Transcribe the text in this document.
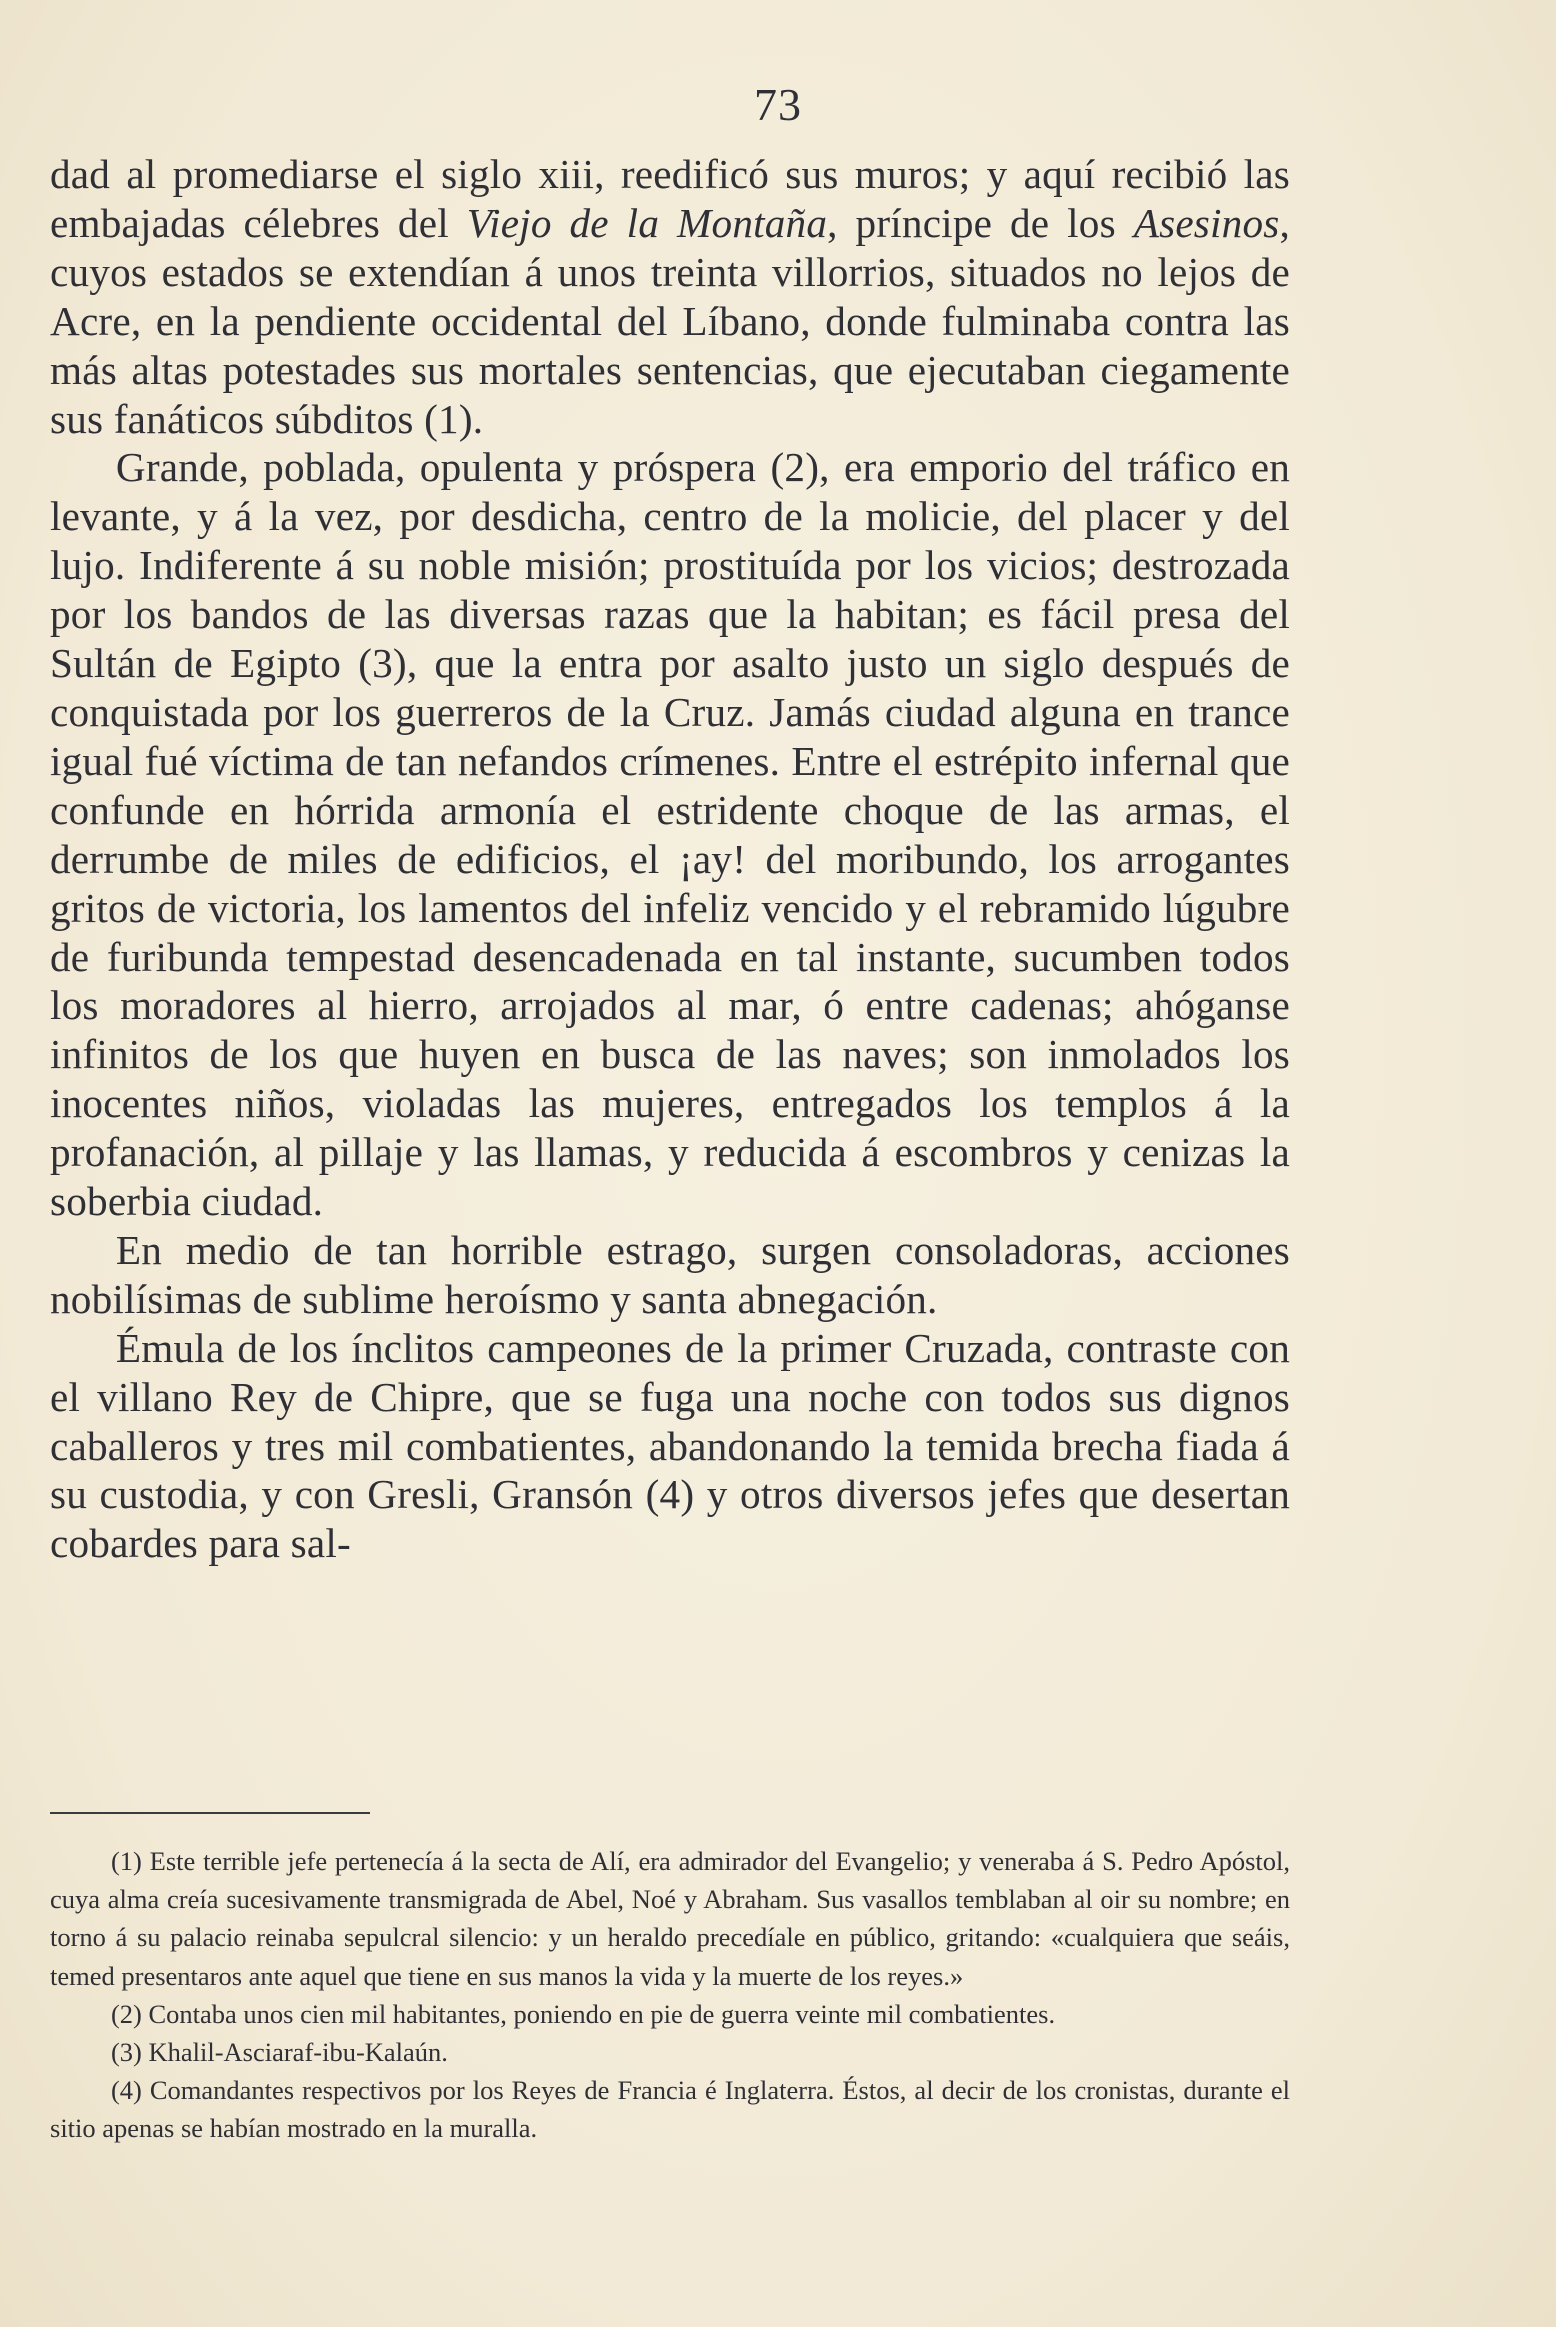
73

dad al promediarse el siglo xiii, reedificó sus muros; y aquí recibió las embajadas célebres del Viejo de la Montaña, príncipe de los Asesinos, cuyos estados se extendían á unos treinta villorrios, situados no lejos de Acre, en la pendiente occidental del Líbano, donde fulminaba contra las más altas potestades sus mortales sentencias, que ejecutaban ciegamente sus fanáticos súbditos (1).

Grande, poblada, opulenta y próspera (2), era emporio del tráfico en levante, y á la vez, por desdicha, centro de la molicie, del placer y del lujo. Indiferente á su noble misión; prostituída por los vicios; destrozada por los bandos de las diversas razas que la habitan; es fácil presa del Sultán de Egipto (3), que la entra por asalto justo un siglo después de conquistada por los guerreros de la Cruz. Jamás ciudad alguna en trance igual fué víctima de tan nefandos crímenes. Entre el estrépito infernal que confunde en hórrida armonía el estridente choque de las armas, el derrumbe de miles de edificios, el ¡ay! del moribundo, los arrogantes gritos de victoria, los lamentos del infeliz vencido y el rebramido lúgubre de furibunda tempestad desencadenada en tal instante, sucumben todos los moradores al hierro, arrojados al mar, ó entre cadenas; ahóganse infinitos de los que huyen en busca de las naves; son inmolados los inocentes niños, violadas las mujeres, entregados los templos á la profanación, al pillaje y las llamas, y reducida á escombros y cenizas la soberbia ciudad.

En medio de tan horrible estrago, surgen consoladoras, acciones nobilísimas de sublime heroísmo y santa abnegación.

Émula de los ínclitos campeones de la primer Cruzada, contraste con el villano Rey de Chipre, que se fuga una noche con todos sus dignos caballeros y tres mil combatientes, abandonando la temida brecha fiada á su custodia, y con Gresli, Gransón (4) y otros diversos jefes que desertan cobardes para sal-

(1) Este terrible jefe pertenecía á la secta de Alí, era admirador del Evangelio; y veneraba á S. Pedro Apóstol, cuya alma creía sucesivamente transmigrada de Abel, Noé y Abraham. Sus vasallos temblaban al oir su nombre; en torno á su palacio reinaba sepulcral silencio: y un heraldo precedíale en público, gritando: «cualquiera que seáis, temed presentaros ante aquel que tiene en sus manos la vida y la muerte de los reyes.»

(2) Contaba unos cien mil habitantes, poniendo en pie de guerra veinte mil combatientes.

(3) Khalil-Asciaraf-ibu-Kalaún.

(4) Comandantes respectivos por los Reyes de Francia é Inglaterra. Éstos, al decir de los cronistas, durante el sitio apenas se habían mostrado en la muralla.
